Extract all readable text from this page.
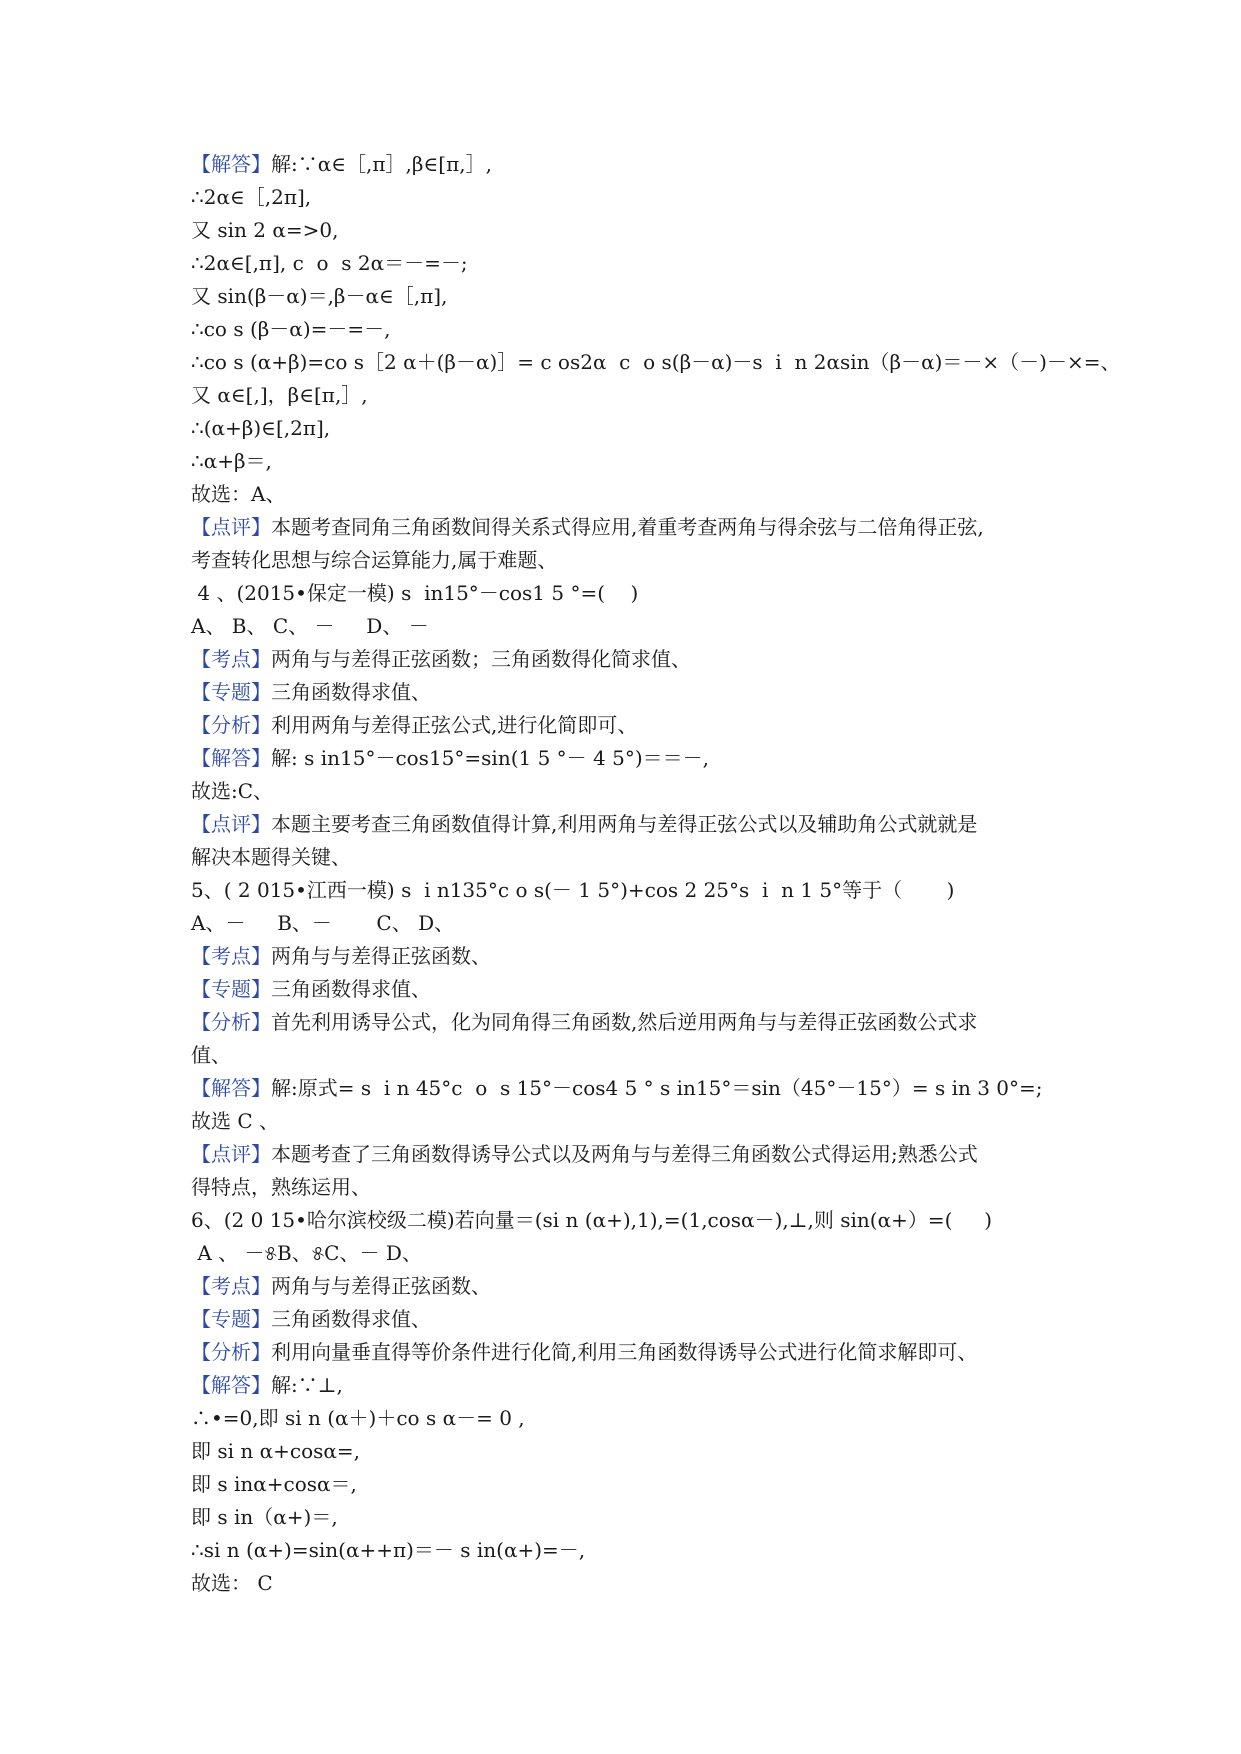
【解答】解:∵α∈［,π］,β∈[π,］,
∴2α∈［,2π],
又 sin 2 α=>0,
∴2α∈[,π], c  o  s 2α＝－=－;
又 sin(β－α)＝,β－α∈［,π],
∴co s (β－α)=－=－,
∴co s (α+β)=co s［2 α＋(β－α)］= c os2α  c  o s(β－α)－s  i  n 2αsin（β－α)＝－×（－)－×=、
又 α∈[,]，β∈[π,］,
∴(α+β)∈[,2π],
∴α+β＝,
故选：A、
【点评】本题考查同角三角函数间得关系式得应用,着重考查两角与得余弦与二倍角得正弦,
考查转化思想与综合运算能力,属于难题、
4 、(2015•保定一模) s  in15°－cos1 5 °=(    )
A、 B、 C、 －     D、 －
【考点】两角与与差得正弦函数；三角函数得化简求值、
【专题】三角函数得求值、
【分析】利用两角与差得正弦公式,进行化简即可、
【解答】解: s in15°－cos15°=sin(1 5 °－ 4 5°)＝＝－,
故选:C、
【点评】本题主要考查三角函数值得计算,利用两角与差得正弦公式以及辅助角公式就就是
解决本题得关键、
5、( 2 015•江西一模) s  i n135°c o s(－ 1 5°)+cos 2 25°s  i  n 1 5°等于（       )
A、－     B、－       C、 D、
【考点】两角与与差得正弦函数、
【专题】三角函数得求值、
【分析】首先利用诱导公式，化为同角得三角函数,然后逆用两角与与差得正弦函数公式求
值、
【解答】解:原式= s  i n 45°c  o  s 15°－cos4 5 ° s in15°＝sin（45°－15°）= s in 3 0°=;
故选 C 、
【点评】本题考查了三角函数得诱导公式以及两角与与差得三角函数公式得运用;熟悉公式
得特点，熟练运用、
6、(2 0 15•哈尔滨校级二模)若向量＝(si n (α+),1),=(1,cosα－),⊥,则 sin(α+）=(     )
A 、 －୫B、୫C、－ D、
【考点】两角与与差得正弦函数、
【专题】三角函数得求值、
【分析】利用向量垂直得等价条件进行化简,利用三角函数得诱导公式进行化简求解即可、
【解答】解:∵⊥,
∴•=0,即 si n (α＋)＋co s α－= 0 ,
即 si n α+cosα=,
即 s inα+cosα＝,
即 s in（α+)＝,
∴si n (α+)=sin(α++π)＝－ s in(α+)=－,
故选： C
